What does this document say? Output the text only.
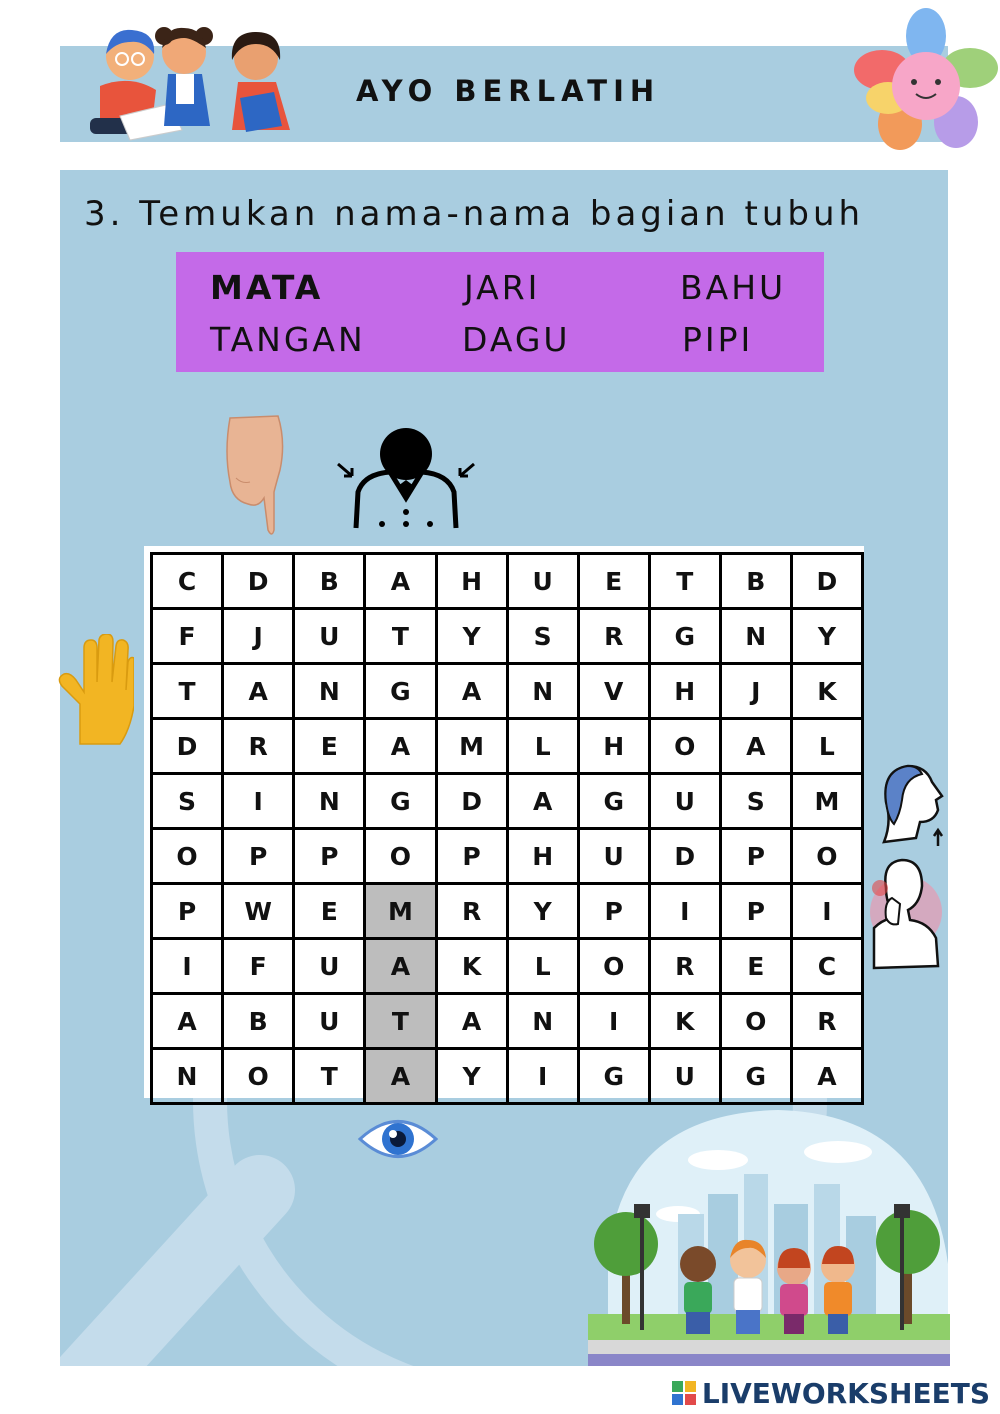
AYO BERLATIH
3. Temukan nama-nama bagian tubuh
MATA	JARI	BAHU
TANGAN	DAGU	PIPI
C	D	B	A	H	U	E	T	B	D
F	J	U	T	Y	S	R	G	N	Y
T	A	N	G	A	N	V	H	J	K
D	R	E	A	M	L	H	O	A	L
S	I	N	G	D	A	G	U	S	M
O	P	P	O	P	H	U	D	P	O
P	W	E	M	R	Y	P	I	P	I
I	F	U	A	K	L	O	R	E	C
A	B	U	T	A	N	I	K	O	R
N	O	T	A	Y	I	G	U	G	A
LIVEWORKSHEETS
